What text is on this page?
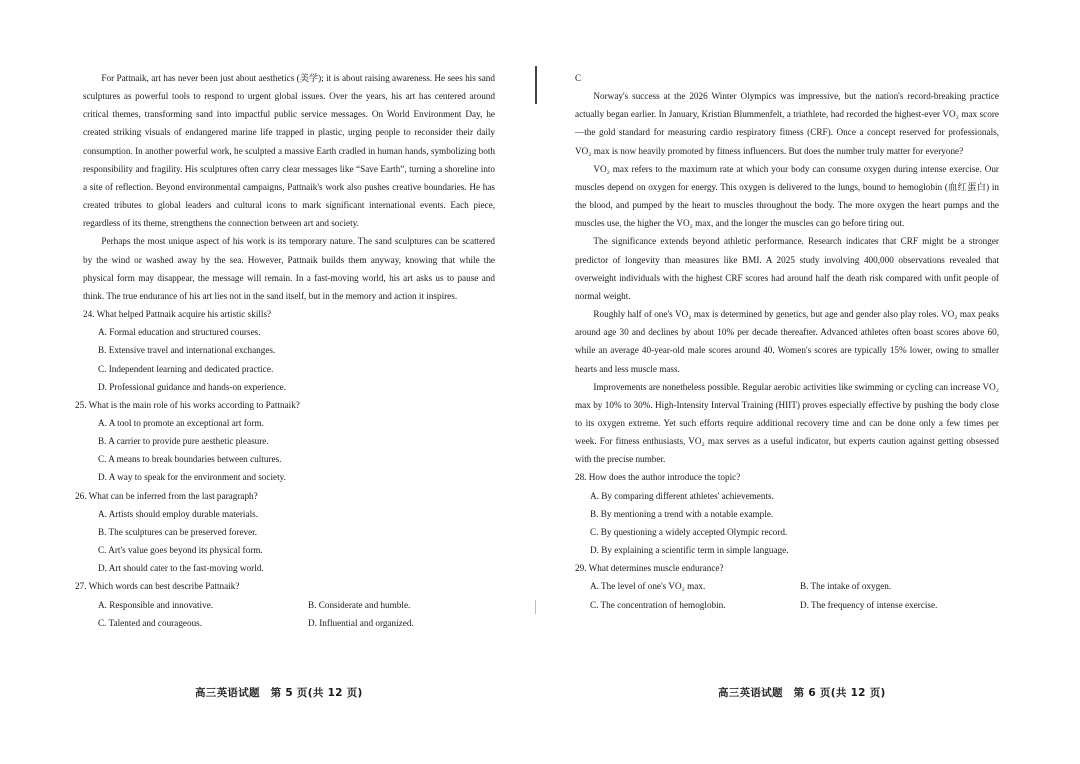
For Pattnaik, art has never been just about aesthetics (美学); it is about raising awareness. He sees his sand sculptures as powerful tools to respond to urgent global issues. Over the years, his art has centered around critical themes, transforming sand into impactful public service messages. On World Environment Day, he created striking visuals of endangered marine life trapped in plastic, urging people to reconsider their daily consumption. In another powerful work, he sculpted a massive Earth cradled in human hands, symbolizing both responsibility and fragility. His sculptures often carry clear messages like “Save Earth”, turning a shoreline into a site of reflection. Beyond environmental campaigns, Pattnaik's work also pushes creative boundaries. He has created tributes to global leaders and cultural icons to mark significant international events. Each piece, regardless of its theme, strengthens the connection between art and society.

Perhaps the most unique aspect of his work is its temporary nature. The sand sculptures can be scattered by the wind or washed away by the sea. However, Pattnaik builds them anyway, knowing that while the physical form may disappear, the message will remain. In a fast-moving world, his art asks us to pause and think. The true endurance of his art lies not in the sand itself, but in the memory and action it inspires.

24. What helped Pattnaik acquire his artistic skills?

A. Formal education and structured courses.

B. Extensive travel and international exchanges.

C. Independent learning and dedicated practice.

D. Professional guidance and hands-on experience.

25. What is the main role of his works according to Pattnaik?

A. A tool to promote an exceptional art form.

B. A carrier to provide pure aesthetic pleasure.

C. A means to break boundaries between cultures.

D. A way to speak for the environment and society.

26. What can be inferred from the last paragraph?

A. Artists should employ durable materials.

B. The sculptures can be preserved forever.

C. Art's value goes beyond its physical form.

D. Art should cater to the fast-moving world.

27. Which words can best describe Pattnaik?

A. Responsible and innovative.	B. Considerate and humble.
C. Talented and courageous.	D. Influential and organized.
高三英语试题　第 5 页(共 12 页)

C

Norway's success at the 2026 Winter Olympics was impressive, but the nation's record-breaking practice actually began earlier. In January, Kristian Blummenfelt, a triathlete, had recorded the highest-ever VO₂ max score—the gold standard for measuring cardio respiratory fitness (CRF). Once a concept reserved for professionals, VO₂ max is now heavily promoted by fitness influencers. But does the number truly matter for everyone?

VO₂ max refers to the maximum rate at which your body can consume oxygen during intense exercise. Our muscles depend on oxygen for energy. This oxygen is delivered to the lungs, bound to hemoglobin (血红蛋白) in the blood, and pumped by the heart to muscles throughout the body. The more oxygen the heart pumps and the muscles use, the higher the VO₂ max, and the longer the muscles can go before tiring out.

The significance extends beyond athletic performance. Research indicates that CRF might be a stronger predictor of longevity than measures like BMI. A 2025 study involving 400,000 observations revealed that overweight individuals with the highest CRF scores had around half the death risk compared with unfit people of normal weight.

Roughly half of one's VO₂ max is determined by genetics, but age and gender also play roles. VO₂ max peaks around age 30 and declines by about 10% per decade thereafter. Advanced athletes often boast scores above 60, while an average 40-year-old male scores around 40. Women's scores are typically 15% lower, owing to smaller hearts and less muscle mass.

Improvements are nonetheless possible. Regular aerobic activities like swimming or cycling can increase VO₂ max by 10% to 30%. High-Intensity Interval Training (HIIT) proves especially effective by pushing the body close to its oxygen extreme. Yet such efforts require additional recovery time and can be done only a few times per week. For fitness enthusiasts, VO₂ max serves as a useful indicator, but experts caution against getting obsessed with the precise number.

28. How does the author introduce the topic?

A. By comparing different athletes' achievements.

B. By mentioning a trend with a notable example.

C. By questioning a widely accepted Olympic record.

D. By explaining a scientific term in simple language.

29. What determines muscle endurance?

A. The level of one's VO₂ max.	B. The intake of oxygen.
C. The concentration of hemoglobin.	D. The frequency of intense exercise.
高三英语试题　第 6 页(共 12 页)
